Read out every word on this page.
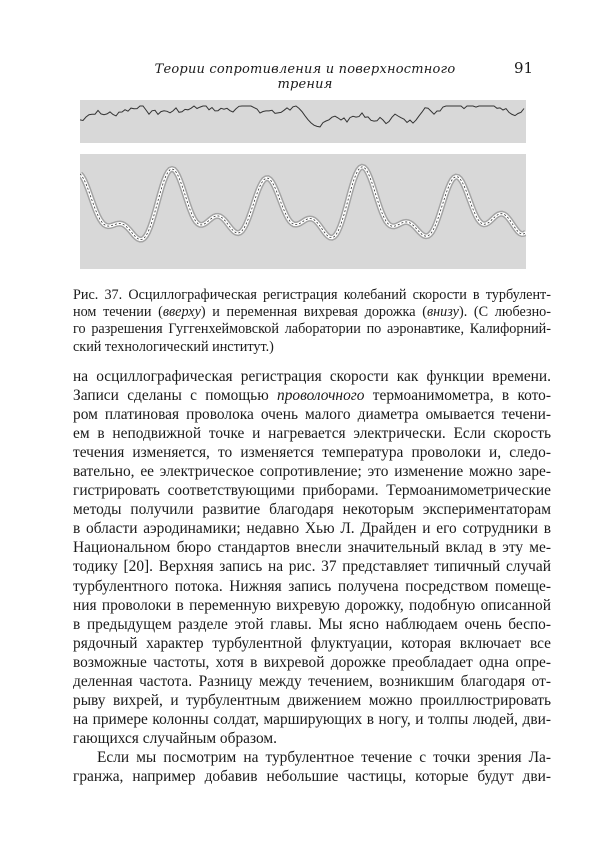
Теории сопротивления и поверхностного трения
91
Рис. 37. Осциллографическая регистрация колебаний скорости в турбулент-
ном течении (вверху) и переменная вихревая дорожка (внизу). (С любезно-
го разрешения Гуггенхеймовской лаборатории по аэронавтике, Калифорний-
ский технологический институт.)
на осциллографическая регистрация скорости как функции времени.
Записи сделаны с помощью проволочного термоанимометра, в кото-
ром платиновая проволока очень малого диаметра омывается течени-
ем в неподвижной точке и нагревается электрически. Если скорость
течения изменяется, то изменяется температура проволоки и, следо-
вательно, ее электрическое сопротивление; это изменение можно заре-
гистрировать соответствующими приборами. Термоанимометрические
методы получили развитие благодаря некоторым экспериментаторам
в области аэродинамики; недавно Хью Л. Драйден и его сотрудники в
Национальном бюро стандартов внесли значительный вклад в эту ме-
тодику [20]. Верхняя запись на рис. 37 представляет типичный случай
турбулентного потока. Нижняя запись получена посредством помеще-
ния проволоки в переменную вихревую дорожку, подобную описанной
в предыдущем разделе этой главы. Мы ясно наблюдаем очень беспо-
рядочный характер турбулентной флуктуации, которая включает все
возможные частоты, хотя в вихревой дорожке преобладает одна опре-
деленная частота. Разницу между течением, возникшим благодаря от-
рыву вихрей, и турбулентным движением можно проиллюстрировать
на примере колонны солдат, марширующих в ногу, и толпы людей, дви-
гающихся случайным образом.
Если мы посмотрим на турбулентное течение с точки зрения Ла-
гранжа, например добавив небольшие частицы, которые будут дви-
